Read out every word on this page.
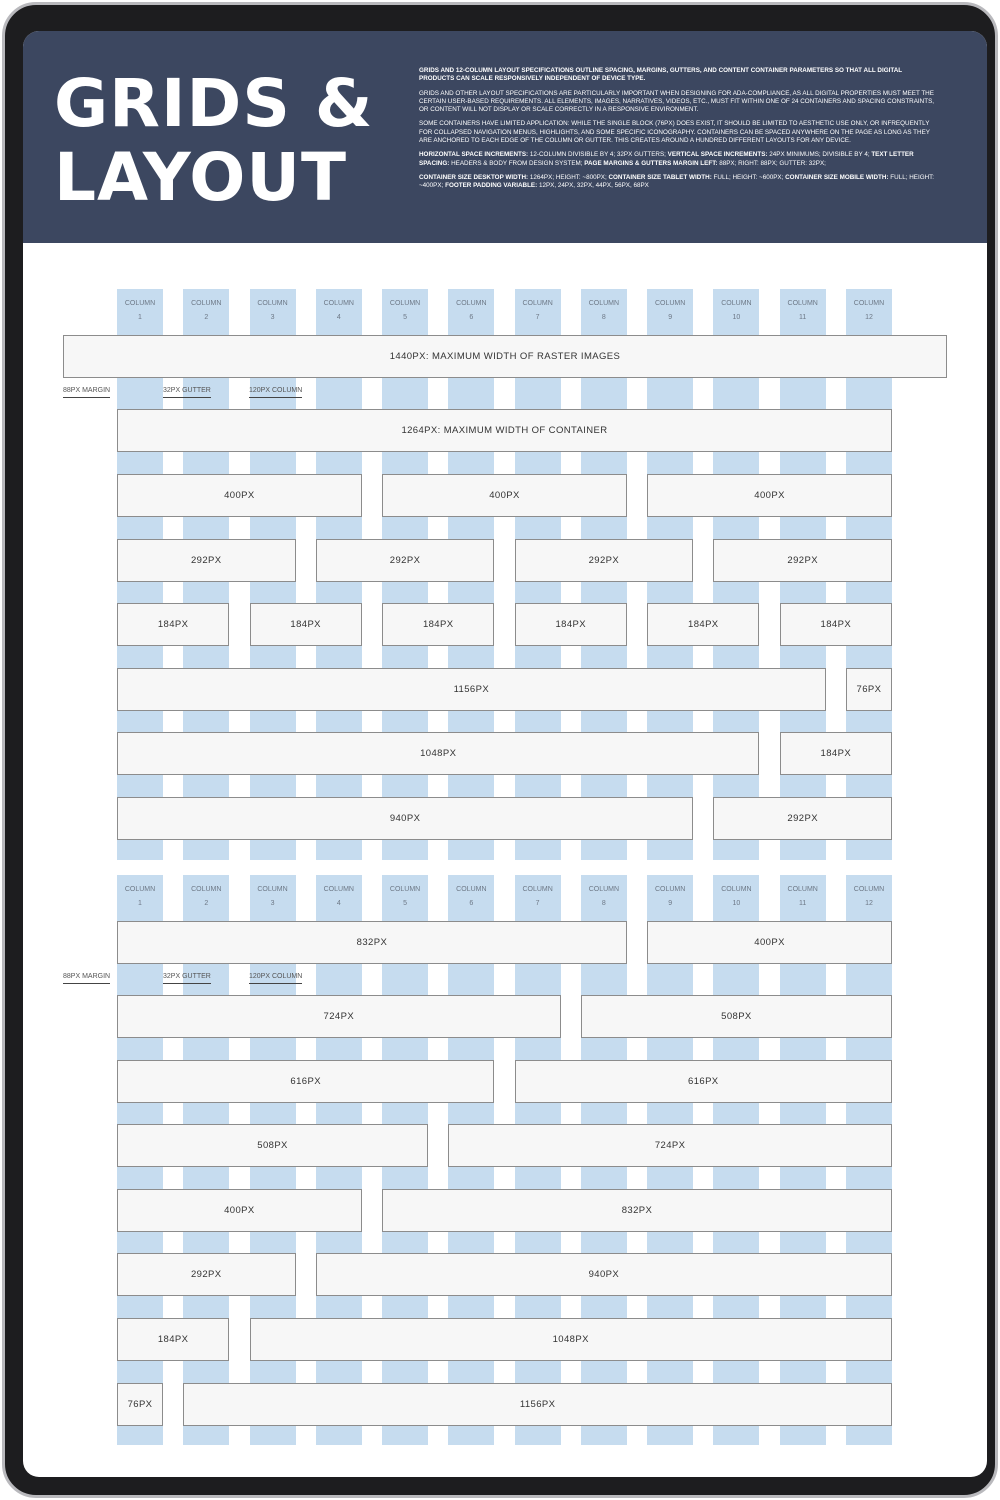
GRIDS &
LAYOUT

GRIDS AND 12-COLUMN LAYOUT SPECIFICATIONS OUTLINE SPACING, MARGINS, GUTTERS, AND CONTENT CONTAINER PARAMETERS SO THAT ALL DIGITAL PRODUCTS CAN SCALE RESPONSIVELY INDEPENDENT OF DEVICE TYPE.

GRIDS AND OTHER LAYOUT SPECIFICATIONS ARE PARTICULARLY IMPORTANT WHEN DESIGNING FOR ADA-COMPLIANCE, AS ALL DIGITAL PROPERTIES MUST MEET THE CERTAIN USER-BASED REQUIREMENTS. ALL ELEMENTS, IMAGES, NARRATIVES, VIDEOS, ETC., MUST FIT WITHIN ONE OF 24 CONTAINERS AND SPACING CONSTRAINTS, OR CONTENT WILL NOT DISPLAY OR SCALE CORRECTLY IN A RESPONSIVE ENVIRONMENT.

SOME CONTAINERS HAVE LIMITED APPLICATION: WHILE THE SINGLE BLOCK (76PX) DOES EXIST, IT SHOULD BE LIMITED TO AESTHETIC USE ONLY, OR INFREQUENTLY FOR COLLAPSED NAVIGATION MENUS, HIGHLIGHTS, AND SOME SPECIFIC ICONOGRAPHY. CONTAINERS CAN BE SPACED ANYWHERE ON THE PAGE AS LONG AS THEY ARE ANCHORED TO EACH EDGE OF THE COLUMN OR GUTTER. THIS CREATES AROUND A HUNDRED DIFFERENT LAYOUTS FOR ANY DEVICE.

HORIZONTAL SPACE INCREMENTS: 12-COLUMN DIVISIBLE BY 4; 32PX GUTTERS; VERTICAL SPACE INCREMENTS: 24PX MINIMUMS; DIVISIBLE BY 4; TEXT LETTER SPACING: HEADERS & BODY FROM DESIGN SYSTEM; PAGE MARGINS & GUTTERS MARGIN LEFT: 88PX; RIGHT: 88PX; GUTTER: 32PX;

CONTAINER SIZE DESKTOP WIDTH: 1264PX; HEIGHT: ~800PX; CONTAINER SIZE TABLET WIDTH: FULL; HEIGHT: ~600PX; CONTAINER SIZE MOBILE WIDTH: FULL; HEIGHT: ~400PX; FOOTER PADDING VARIABLE: 12PX, 24PX, 32PX, 44PX, 56PX, 68PX

COLUMN
1
COLUMN
2
COLUMN
3
COLUMN
4
COLUMN
5
COLUMN
6
COLUMN
7
COLUMN
8
COLUMN
9
COLUMN
10
COLUMN
11
COLUMN
12
1440PX: MAXIMUM WIDTH OF RASTER IMAGES
88PX MARGIN	32PX GUTTER	120PX COLUMN
1264PX: MAXIMUM WIDTH OF CONTAINER
400PX	400PX	400PX
292PX	292PX	292PX	292PX
184PX	184PX	184PX	184PX	184PX	184PX
1156PX	76PX
1048PX	184PX
940PX	292PX
COLUMN
1
COLUMN
2
COLUMN
3
COLUMN
4
COLUMN
5
COLUMN
6
COLUMN
7
COLUMN
8
COLUMN
9
COLUMN
10
COLUMN
11
COLUMN
12
832PX	400PX
88PX MARGIN	32PX GUTTER	120PX COLUMN
724PX	508PX
616PX	616PX
508PX	724PX
400PX	832PX
292PX	940PX
184PX	1048PX
76PX	1156PX
